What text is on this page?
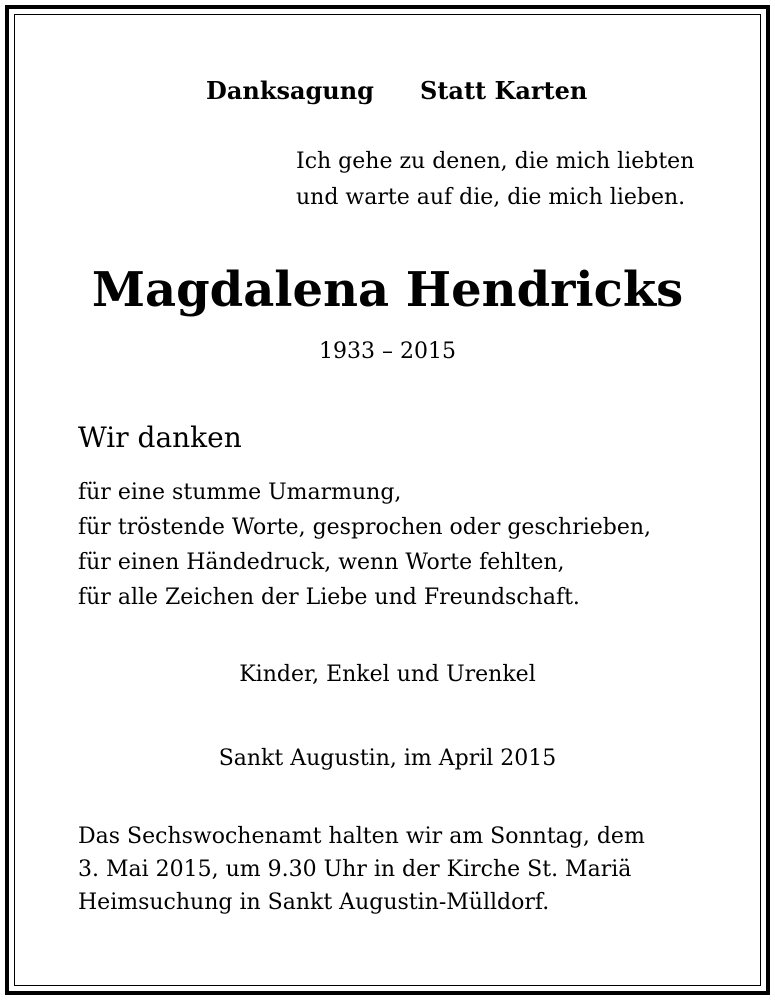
Danksagung Statt Karten
Ich gehe zu denen, die mich liebten
und warte auf die, die mich lieben.
Magdalena Hendricks
1933 – 2015
Wir danken
für eine stumme Umarmung,
für tröstende Worte, gesprochen oder geschrieben,
für einen Händedruck, wenn Worte fehlten,
für alle Zeichen der Liebe und Freundschaft.
Kinder, Enkel und Urenkel
Sankt Augustin, im April 2015
Das Sechswochenamt halten wir am Sonntag, dem
3. Mai 2015, um 9.30 Uhr in der Kirche St. Mariä
Heimsuchung in Sankt Augustin-Mülldorf.
